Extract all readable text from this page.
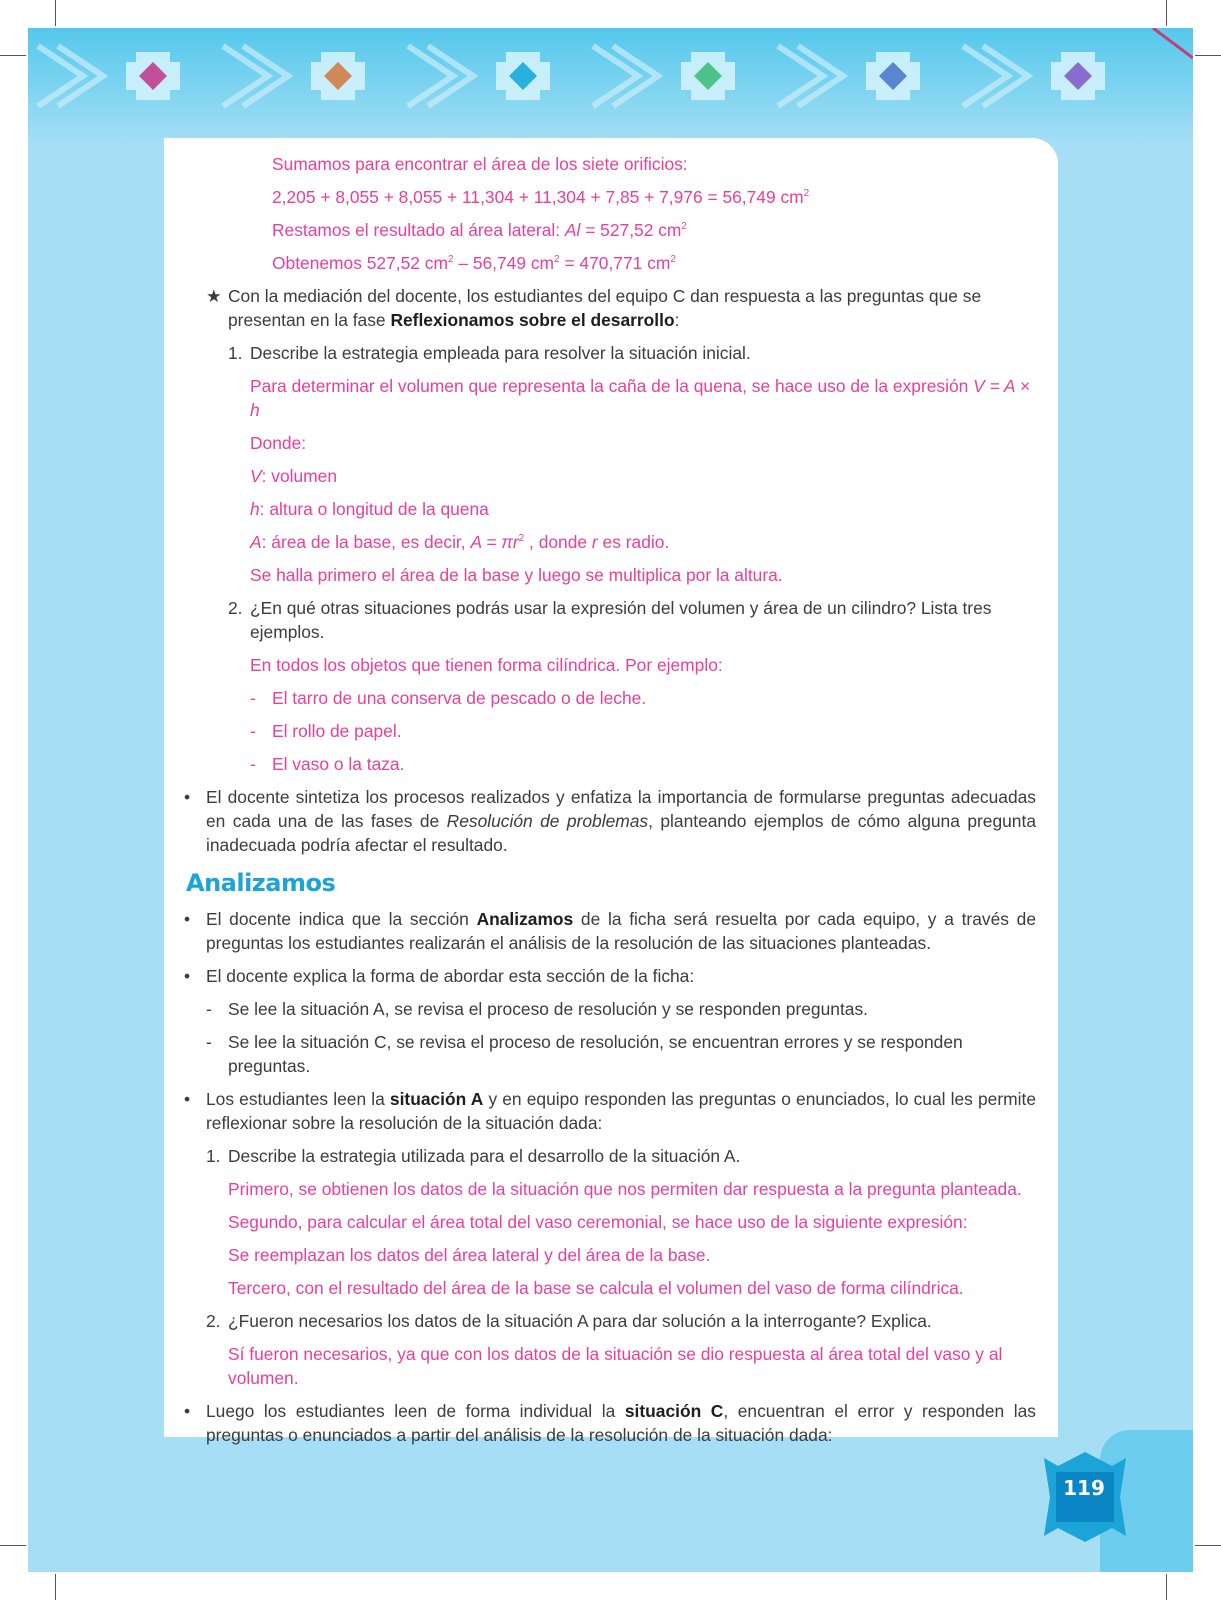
Sumamos para encontrar el área de los siete orificios:
2,205 + 8,055 + 8,055 + 11,304 + 11,304 + 7,85 + 7,976 = 56,749 $cm^2$
Restamos el resultado al área lateral: Al = 527,52 $cm^2$
Obtenemos 527,52 $cm^2 - 56,749$ $cm^2 = 470,771$ $cm^2$
★ Con la mediación del docente, los estudiantes del equipo C dan respuesta a las preguntas que se presentan en la fase Reflexionamos sobre el desarrollo:
1. Describe la estrategia empleada para resolver la situación inicial.
Para determinar el volumen que representa la caña de la quena, se hace uso de la expresión V = A × h
Donde:
V: volumen
h: altura o longitud de la quena
A: área de la base, es decir, $A = \pi r^2$ , donde r es radio.
Se halla primero el área de la base y luego se multiplica por la altura.
2. ¿En qué otras situaciones podrás usar la expresión del volumen y área de un cilindro? Lista tres ejemplos.
En todos los objetos que tienen forma cilíndrica. Por ejemplo:
- El tarro de una conserva de pescado o de leche.
- El rollo de papel.
- El vaso o la taza.
• El docente sintetiza los procesos realizados y enfatiza la importancia de formularse preguntas adecuadas en cada una de las fases de Resolución de problemas, planteando ejemplos de cómo alguna pregunta inadecuada podría afectar el resultado.
Analizamos
• El docente indica que la sección Analizamos de la ficha será resuelta por cada equipo, y a través de preguntas los estudiantes realizarán el análisis de la resolución de las situaciones planteadas.
• El docente explica la forma de abordar esta sección de la ficha:
- Se lee la situación A, se revisa el proceso de resolución y se responden preguntas.
- Se lee la situación C, se revisa el proceso de resolución, se encuentran errores y se responden preguntas.
• Los estudiantes leen la situación A y en equipo responden las preguntas o enunciados, lo cual les permite reflexionar sobre la resolución de la situación dada:
1. Describe la estrategia utilizada para el desarrollo de la situación A.
Primero, se obtienen los datos de la situación que nos permiten dar respuesta a la pregunta planteada.
Segundo, para calcular el área total del vaso ceremonial, se hace uso de la siguiente expresión:
Se reemplazan los datos del área lateral y del área de la base.
Tercero, con el resultado del área de la base se calcula el volumen del vaso de forma cilíndrica.
2. ¿Fueron necesarios los datos de la situación A para dar solución a la interrogante? Explica.
Sí fueron necesarios, ya que con los datos de la situación se dio respuesta al área total del vaso y al volumen.
• Luego los estudiantes leen de forma individual la situación C, encuentran el error y responden las preguntas o enunciados a partir del análisis de la resolución de la situación dada:
119
